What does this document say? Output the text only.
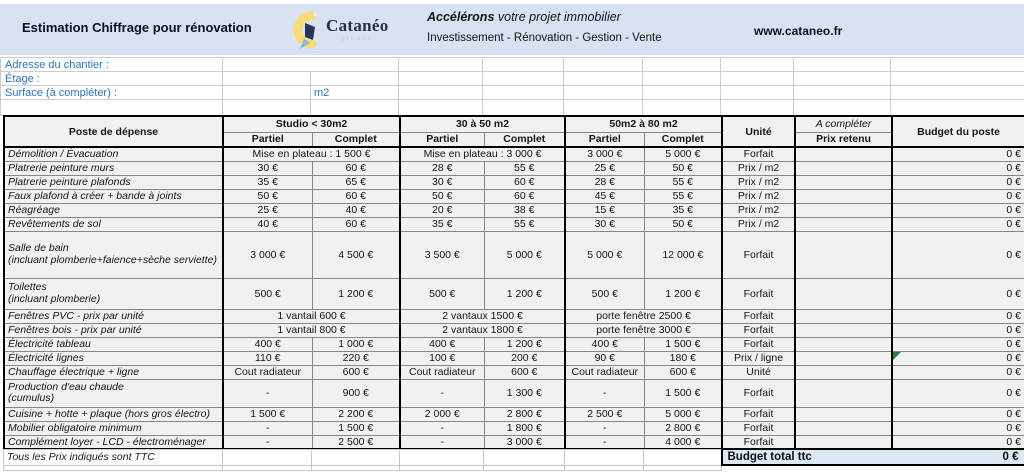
Estimation Chiffrage pour rénovation	Catanéo
groupe
Accélérons votre projet immobilier
Investissement - Rénovation - Gestion - Vente	www.cataneo.fr
Adresse du chantier :									
Étage :									
Surface (à compléter) :		m2							

Poste de dépense	Studio < 30m2		30 à 50 m2		50m2 à 80 m2		Unité	A compléter	Budget du poste
	Partiel	Complet	Partiel	Complet	Partiel	Complet		Prix retenu	
Démolition / Évacuation	Mise en plateau : 1 500 €		Mise en plateau : 3 000 €		3 000 €	5 000 €	Forfait		0 €
Platrerie peinture murs	30 €	60 €	28 €	55 €	25 €	50 €	Prix / m2		0 €
Platrerie peinture plafonds	35 €	65 €	30 €	60 €	28 €	55 €	Prix / m2		0 €
Faux plafond à créer + bande à joints	50 €	60 €	50 €	60 €	45 €	55 €	Prix / m2		0 €
Réagréage	25 €	40 €	20 €	38 €	15 €	35 €	Prix / m2		0 €
Revêtements de sol	40 €	60 €	35 €	55 €	30 €	50 €	Prix / m2		0 €

Salle de bain
(incluant plomberie+faience+sèche serviette)	3 000 €	4 500 €	3 500 €	5 000 €	5 000 €	12 000 €	Forfait		0 €

Toilettes
(incluant plomberie)	500 €	1 200 €	500 €	1 200 €	500 €	1 200 €	Forfait		0 €
Fenêtres PVC - prix par unité	1 vantail 600 €		2 vantaux 1500 €		porte fenêtre 2500 €		Forfait		0 €
Fenêtres bois - prix par unité	1 vantail 800 €		2 vantaux 1800 €		porte fenêtre 3000 €		Forfait		0 €
Électricité tableau	400 €	1 000 €	400 €	1 200 €	400 €	1 500 €	Forfait		0 €
Électricité lignes	110 €	220 €	100 €	200 €	90 €	180 €	Prix / ligne		0 €
Chauffage électrique + ligne	Cout radiateur	600 €	Cout radiateur	600 €	Cout radiateur	600 €	Unité		0 €

Production d'eau chaude
(cumulus)	-	900 €	-	1 300 €	-	1 500 €	Forfait		0 €
Cuisine + hotte + plaque (hors gros électro)	1 500 €	2 200 €	2 000 €	2 800 €	2 500 €	5 000 €	Forfait		0 €
Mobilier obligatoire minimum	-	1 500 €	-	1 800 €	-	2 800 €	Forfait		0 €
Complément loyer - LCD - électroménager	-	2 500 €	-	3 000 €	-	4 000 €	Forfait		0 €
Tous les Prix indiqués sont TTC							Budget total ttc 0 €		
